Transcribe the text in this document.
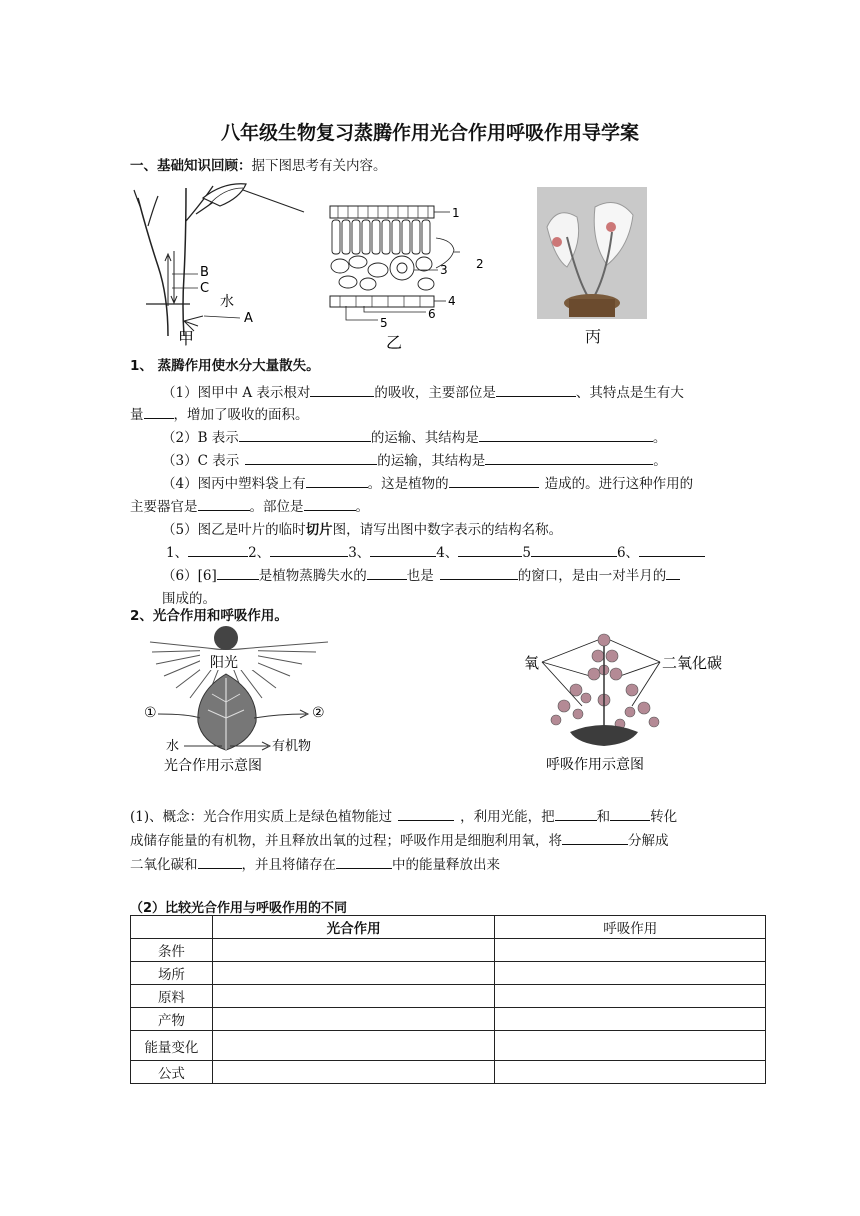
八年级生物复习蒸腾作用光合作用呼吸作用导学案
一、基础知识回顾：据下图思考有关内容。
B
C
水
A
甲
1
2
3
4
5
6
乙	丙
1、 蒸腾作用使水分大量散失。
（1）图甲中 A 表示根对	的吸收，主要部位是	、其特点是生有大
量 ，增加了吸收的面积。
（2）B 表示	的运输、其结构是	。
（3）C 表示	的运输，其结构是	。
（4）图丙中塑料袋上有	。这是植物的	造成的。进行这种作用的
主要器官是	。部位是	。
（5）图乙是叶片的临时切片图，请写出图中数字表示的结构名称。
1、	2、	3、	4、	5	6、
（6）[6]	是植物蒸腾失水的	也是	的窗口，是由一对半月的
围成的。
2、光合作用和呼吸作用。
阳光
①	②
水	有机物
光合作用示意图
氧	二氧化碳
呼吸作用示意图
(1)、概念：光合作用实质上是绿色植物能过	，利用光能，把	和	转化
成储存能量的有机物，并且释放出氧的过程；呼吸作用是细胞利用氧，将	分解成
二氧化碳和	，并且将储存在	中的能量释放出来
（2）比较光合作用与呼吸作用的不同
	光合作用	呼吸作用
条件		
场所		
原料		
产物		
能量变化		
公式		
